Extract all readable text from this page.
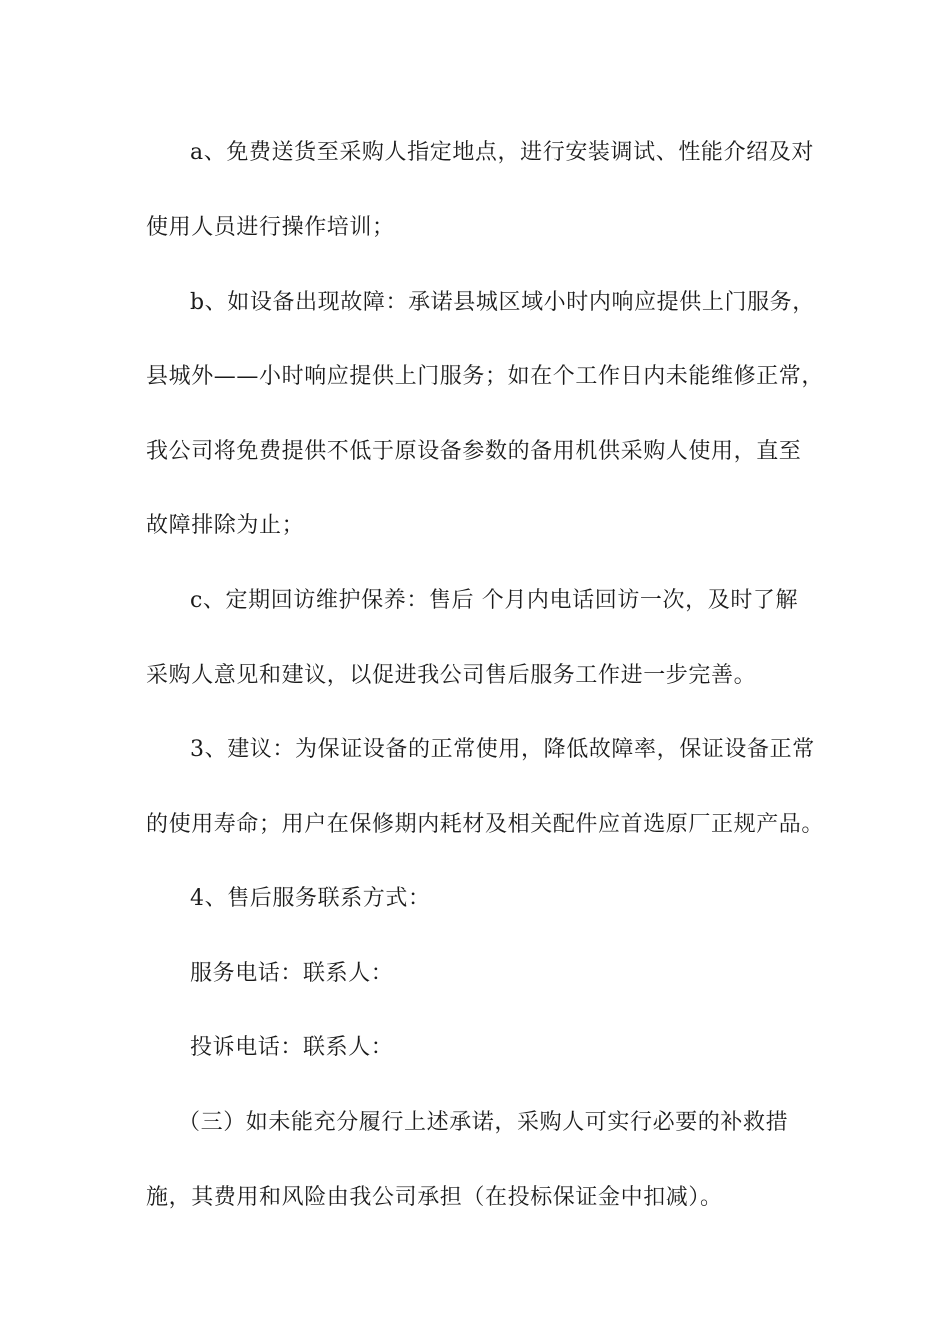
a、免费送货至采购人指定地点，进行安装调试、性能介绍及对
使用人员进行操作培训；
b、如设备出现故障：承诺县城区域小时内响应提供上门服务，
县城外——小时响应提供上门服务；如在个工作日内未能维修正常，
我公司将免费提供不低于原设备参数的备用机供采购人使用，直至
故障排除为止；
c、定期回访维护保养：售后 个月内电话回访一次，及时了解
采购人意见和建议，以促进我公司售后服务工作进一步完善。
3、建议：为保证设备的正常使用，降低故障率，保证设备正常
的使用寿命；用户在保修期内耗材及相关配件应首选原厂正规产品。
4、售后服务联系方式：
服务电话：联系人：
投诉电话：联系人：
（三）如未能充分履行上述承诺，采购人可实行必要的补救措
施，其费用和风险由我公司承担（在投标保证金中扣减）。
